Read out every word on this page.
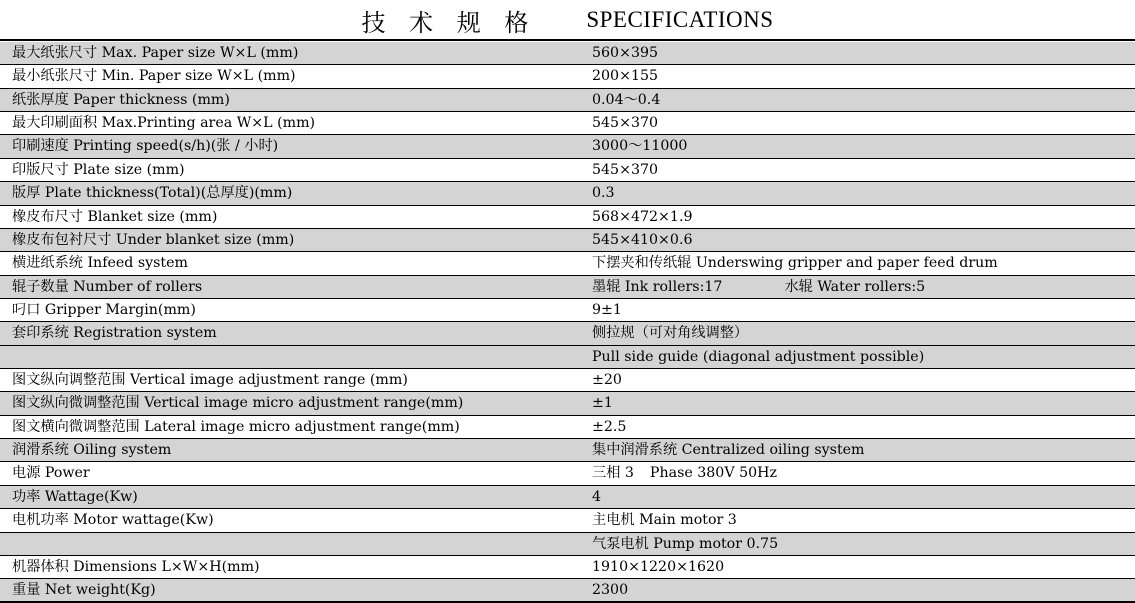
技 术 规 格 SPECIFICATIONS
最大纸张尺寸 Max. Paper size W×L (mm)	560×395
最小纸张尺寸 Min. Paper size W×L (mm)	200×155
纸张厚度 Paper thickness (mm)	0.04～0.4
最大印刷面积 Max.Printing area W×L (mm)	545×370
印刷速度 Printing speed(s/h)(张 / 小时)	3000～11000
印版尺寸 Plate size (mm)	545×370
版厚 Plate thickness(Total)(总厚度)(mm)	0.3
橡皮布尺寸 Blanket size (mm)	568×472×1.9
橡皮布包衬尺寸 Under blanket size (mm)	545×410×0.6
横进纸系统 Infeed system	下摆夹和传纸辊 Underswing gripper and paper feed drum
辊子数量 Number of rollers	墨辊 Ink rollers:17	水辊 Water rollers:5
叼口 Gripper Margin(mm)	9±1
套印系统 Registration system	侧拉规（可对角线调整）
Pull side guide (diagonal adjustment possible)
图文纵向调整范围 Vertical image adjustment range (mm)	±20
图文纵向微调整范围 Vertical image micro adjustment range(mm)	±1
图文横向微调整范围 Lateral image micro adjustment range(mm)	±2.5
润滑系统 Oiling system	集中润滑系统 Centralized oiling system
电源 Power	三相 3 Phase 380V 50Hz
功率 Wattage(Kw)	4
电机功率 Motor wattage(Kw)	主电机 Main motor 3
气泵电机 Pump motor 0.75
机器体积 Dimensions L×W×H(mm)	1910×1220×1620
重量 Net weight(Kg)	2300
